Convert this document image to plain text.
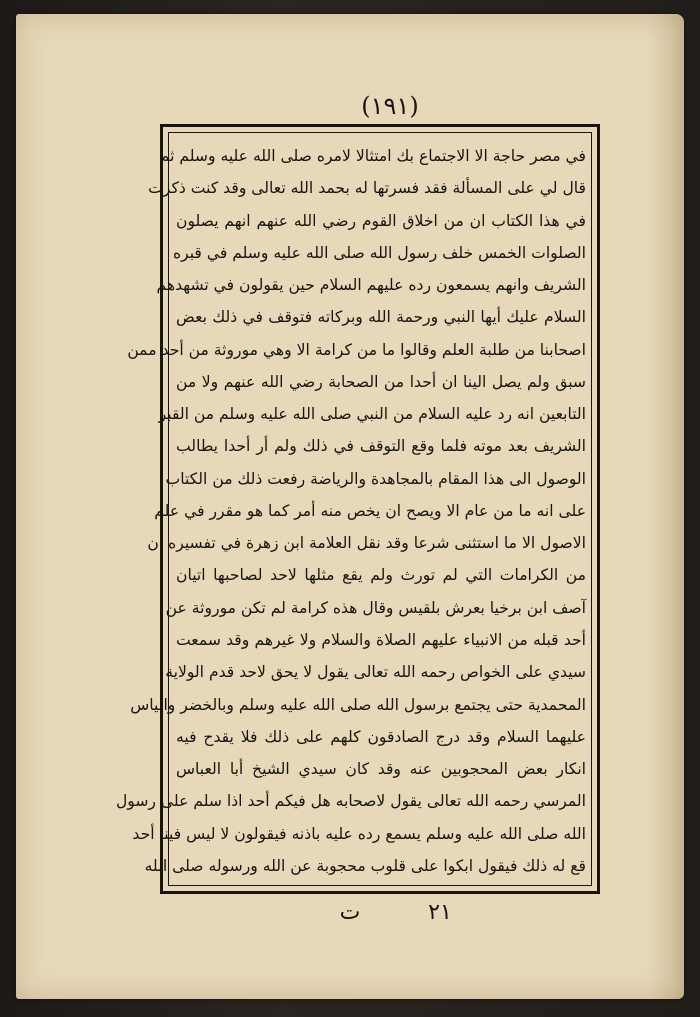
(١٩١)
في مصر حاجة الا الاجتماع بك امتثالا لامره صلى الله عليه وسلم ثم
قال لي على المسألة فقد فسرتها له بحمد الله تعالى وقد كنت ذكرت
في هذا الكتاب ان من اخلاق القوم رضي الله عنهم انهم يصلون
الصلوات الخمس خلف رسول الله صلى الله عليه وسلم في قبره
الشريف وانهم يسمعون رده عليهم السلام حين يقولون في تشهدهم
السلام عليك أيها النبي ورحمة الله وبركاته فتوقف في ذلك بعض
اصحابنا من طلبة العلم وقالوا ما من كرامة الا وهي موروثة من أحد ممن
سبق ولم يصل الينا ان أحدا من الصحابة رضي الله عنهم ولا من
التابعين انه رد عليه السلام من النبي صلى الله عليه وسلم من القبر
الشريف بعد موته فلما وقع التوقف في ذلك ولم أر أحدا يطالب
الوصول الى هذا المقام بالمجاهدة والرياضة رفعت ذلك من الكتاب
على انه ما من عام الا ويصح ان يخص منه أمر كما هو مقرر في علم
الاصول الا ما استثنى شرعا وقد نقل العلامة ابن زهرة في تفسيره ان
من الكرامات التي لم تورث ولم يقع مثلها لاحد لصاحبها اتيان
آصف ابن برخيا بعرش بلقيس وقال هذه كرامة لم تكن موروثة عن
أحد قبله من الانبياء عليهم الصلاة والسلام ولا غيرهم وقد سمعت
سيدي على الخواص رحمه الله تعالى يقول لا يحق لاحد قدم الولاية
المحمدية حتى يجتمع برسول الله صلى الله عليه وسلم وبالخضر والياس
عليهما السلام وقد درج الصادقون كلهم على ذلك فلا يقدح فيه
انكار بعض المحجوبين عنه وقد كان سيدي الشيخ أبا العباس
المرسي رحمه الله تعالى يقول لاصحابه هل فيكم أحد اذا سلم على رسول
الله صلى الله عليه وسلم يسمع رده عليه باذنه فيقولون لا ليس فينا أحد
قع له ذلك فيقول ابكوا على قلوب محجوبة عن الله ورسوله صلى الله
ت	٢١
